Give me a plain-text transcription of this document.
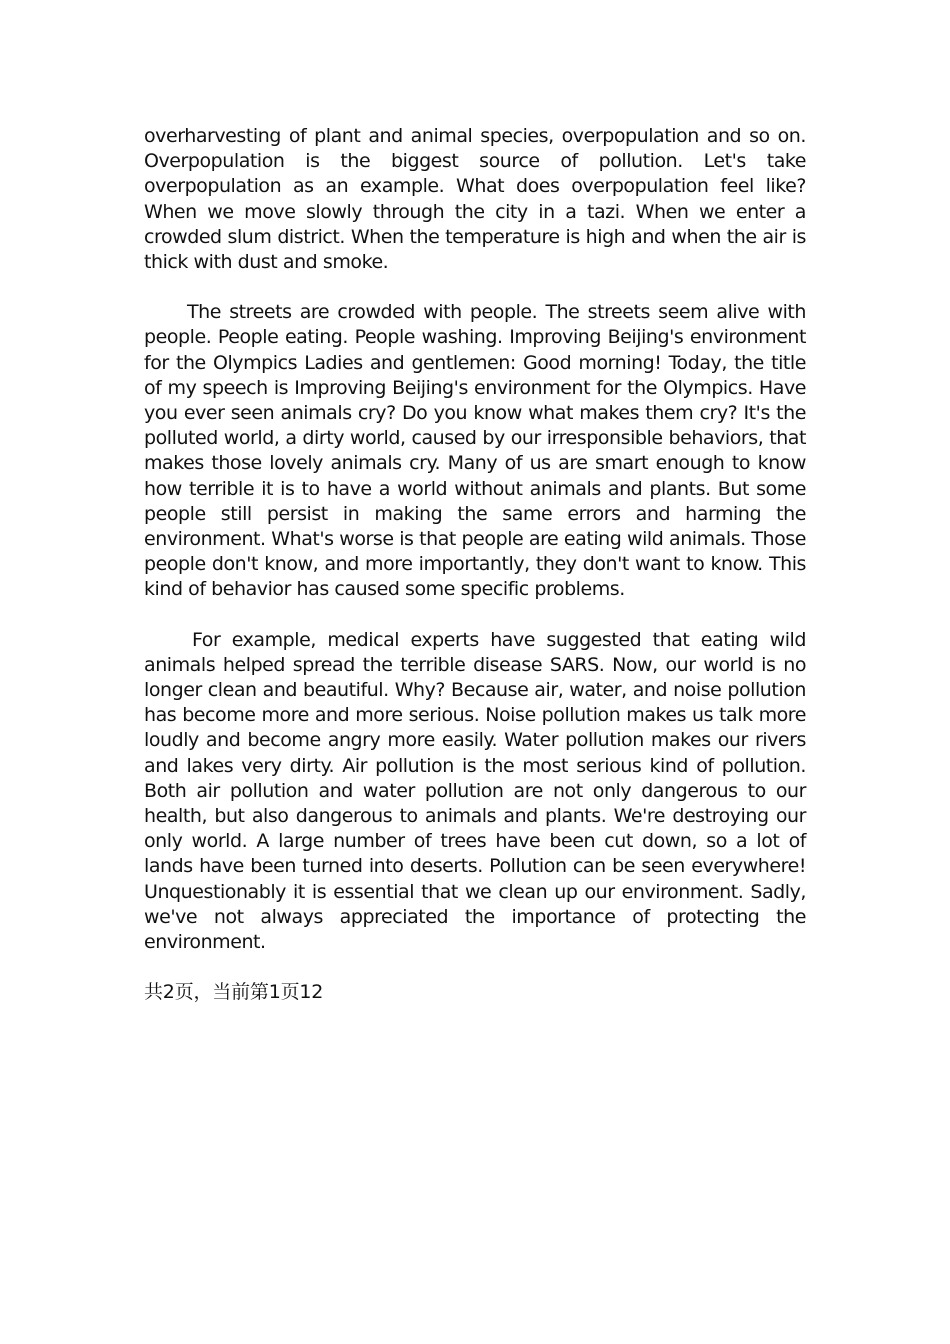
overharvesting of plant and animal species, overpopulation and so on. Overpopulation is the biggest source of pollution. Let's take overpopulation as an example. What does overpopulation feel like? When we move slowly through the city in a tazi. When we enter a crowded slum district. When the temperature is high and when the air is thick with dust and smoke.

The streets are crowded with people. The streets seem alive with people. People eating. People washing. Improving Beijing's environment for the Olympics Ladies and gentlemen: Good morning! Today, the title of my speech is Improving Beijing's environment for the Olympics. Have you ever seen animals cry? Do you know what makes them cry? It's the polluted world, a dirty world, caused by our irresponsible behaviors, that makes those lovely animals cry. Many of us are smart enough to know how terrible it is to have a world without animals and plants. But some people still persist in making the same errors and harming the environment. What's worse is that people are eating wild animals. Those people don't know, and more importantly, they don't want to know. This kind of behavior has caused some specific problems.

For example, medical experts have suggested that eating wild animals helped spread the terrible disease SARS. Now, our world is no longer clean and beautiful. Why? Because air, water, and noise pollution has become more and more serious. Noise pollution makes us talk more loudly and become angry more easily. Water pollution makes our rivers and lakes very dirty. Air pollution is the most serious kind of pollution. Both air pollution and water pollution are not only dangerous to our health, but also dangerous to animals and plants. We're destroying our only world. A large number of trees have been cut down, so a lot of lands have been turned into deserts. Pollution can be seen everywhere! Unquestionably it is essential that we clean up our environment. Sadly, we've not always appreciated the importance of protecting the environment.

共2页，当前第1页12
